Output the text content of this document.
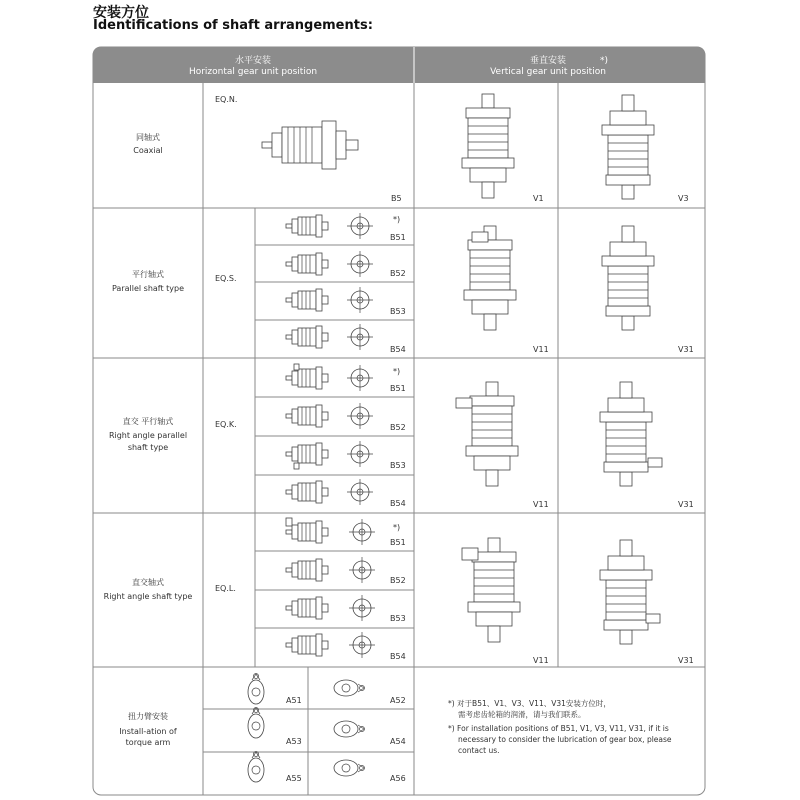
安装方位
Identifications of shaft arrangements:
水平安装
Horizontal gear unit position
垂直安装	*)
Vertical gear unit position
同轴式
Coaxial
EQ.N.
B5	V1	V3
平行轴式
Parallel shaft type
EQ.S.
*)
B51
B52
B53
B54	V11	V31
直交 平行轴式
Right angle parallel
shaft type
EQ.K.
*)
B51
B52
B53
B54	V11	V31
直交轴式
Right angle shaft type
EQ.L.
*)
B51
B52
B53
B54	V11	V31
扭力臂安装
Install-ation of
torque arm
A51	A52
A53	A54
A55	A56
*) 对于B51、V1、V3、V11、V31安装方位时，
需考虑齿轮箱的润滑，请与我们联系。
*) For installation positions of B51, V1, V3, V11, V31, if it is
necessary to consider the lubrication of gear box, please
contact us.
